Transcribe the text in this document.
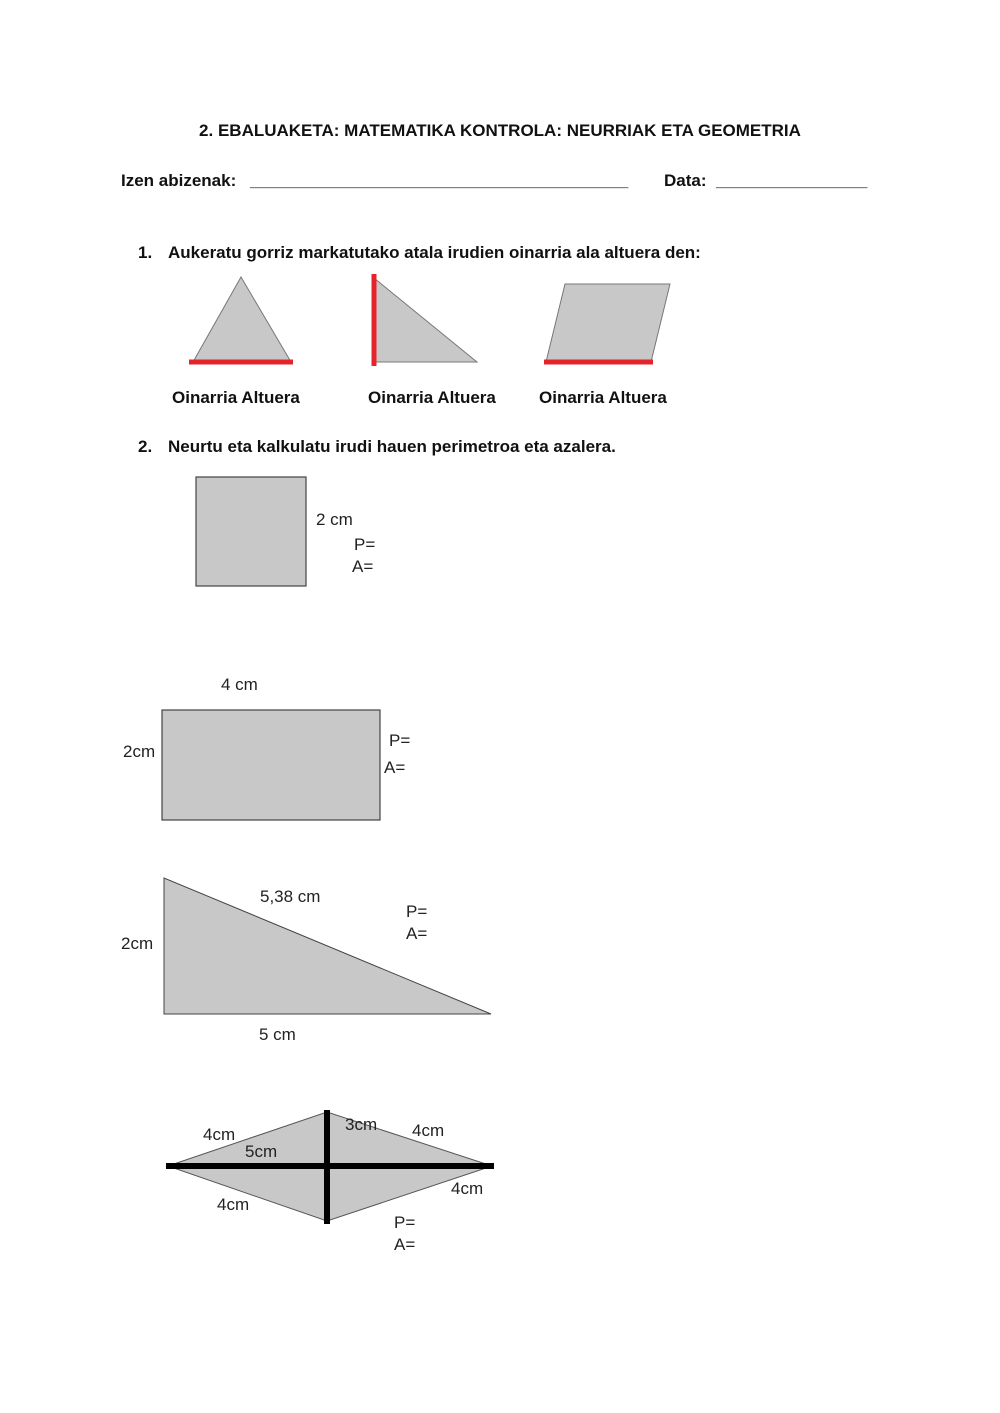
2. EBALUAKETA: MATEMATIKA KONTROLA: NEURRIAK ETA GEOMETRIA
Izen abizenak: ________________________________________ Data: ________________
1. Aukeratu gorriz markatutako atala irudien oinarria ala altuera den:
Oinarria Altuera	Oinarria Altuera	Oinarria Altuera
2. Neurtu eta kalkulatu irudi hauen perimetroa eta azalera.
2 cm
P=
A=
4 cm
2cm
P=
A=
5,38 cm
P=
A=
2cm
5 cm
4cm
5cm
3cm 4cm
4cm
4cm
P=
A=
